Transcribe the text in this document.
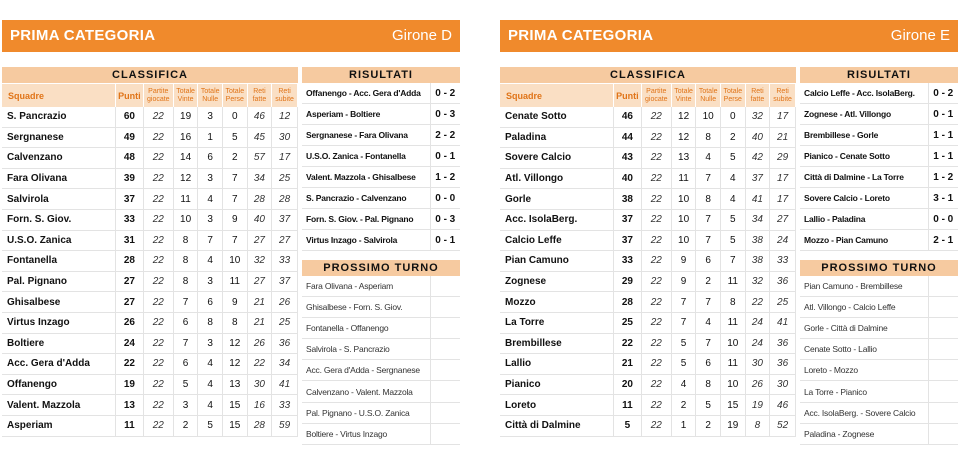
PRIMA CATEGORIA	Girone D
CLASSIFICA
Squadre	Punti	Partite giocate	Totale Vinte	Totale Nulle	Totale Perse	Reti fatte	Reti subite
S. Pancrazio	60	22	19	3	0	46	12
Sergnanese	49	22	16	1	5	45	30
Calvenzano	48	22	14	6	2	57	17
Fara Olivana	39	22	12	3	7	34	25
Salvirola	37	22	11	4	7	28	28
Forn. S. Giov.	33	22	10	3	9	40	37
U.S.O. Zanica	31	22	8	7	7	27	27
Fontanella	28	22	8	4	10	32	33
Pal. Pignano	27	22	8	3	11	27	37
Ghisalbese	27	22	7	6	9	21	26
Virtus Inzago	26	22	6	8	8	21	25
Boltiere	24	22	7	3	12	26	36
Acc. Gera d'Adda	22	22	6	4	12	22	34
Offanengo	19	22	5	4	13	30	41
Valent. Mazzola	13	22	3	4	15	16	33
Asperiam	11	22	2	5	15	28	59
RISULTATI
Offanengo - Acc. Gera d'Adda	0 - 2
Asperiam - Boltiere	0 - 3
Sergnanese - Fara Olivana	2 - 2
U.S.O. Zanica - Fontanella	0 - 1
Valent. Mazzola - Ghisalbese	1 - 2
S. Pancrazio - Calvenzano	0 - 0
Forn. S. Giov. - Pal. Pignano	0 - 3
Virtus Inzago - Salvirola	0 - 1
PROSSIMO TURNO
Fara Olivana - Asperiam	
Ghisalbese - Forn. S. Giov.	
Fontanella - Offanengo	
Salvirola - S. Pancrazio	
Acc. Gera d'Adda - Sergnanese	
Calvenzano - Valent. Mazzola	
Pal. Pignano - U.S.O. Zanica	
Boltiere - Virtus Inzago	
PRIMA CATEGORIA	Girone E
CLASSIFICA
Squadre	Punti	Partite giocate	Totale Vinte	Totale Nulle	Totale Perse	Reti fatte	Reti subite
Cenate Sotto	46	22	12	10	0	32	17
Paladina	44	22	12	8	2	40	21
Sovere Calcio	43	22	13	4	5	42	29
Atl. Villongo	40	22	11	7	4	37	17
Gorle	38	22	10	8	4	41	17
Acc. IsolaBerg.	37	22	10	7	5	34	27
Calcio Leffe	37	22	10	7	5	38	24
Pian Camuno	33	22	9	6	7	38	33
Zognese	29	22	9	2	11	32	36
Mozzo	28	22	7	7	8	22	25
La Torre	25	22	7	4	11	24	41
Brembillese	22	22	5	7	10	24	36
Lallio	21	22	5	6	11	30	36
Pianico	20	22	4	8	10	26	30
Loreto	11	22	2	5	15	19	46
Città di Dalmine	5	22	1	2	19	8	52
RISULTATI
Calcio Leffe - Acc. IsolaBerg.	0 - 2
Zognese - Atl. Villongo	0 - 1
Brembillese - Gorle	1 - 1
Pianico - Cenate Sotto	1 - 1
Città di Dalmine - La Torre	1 - 2
Sovere Calcio - Loreto	3 - 1
Lallio - Paladina	0 - 0
Mozzo - Pian Camuno	2 - 1
PROSSIMO TURNO
Pian Camuno - Brembillese	
Atl. Villongo - Calcio Leffe	
Gorle - Città di Dalmine	
Cenate Sotto - Lallio	
Loreto - Mozzo	
La Torre - Pianico	
Acc. IsolaBerg. - Sovere Calcio	
Paladina - Zognese	
